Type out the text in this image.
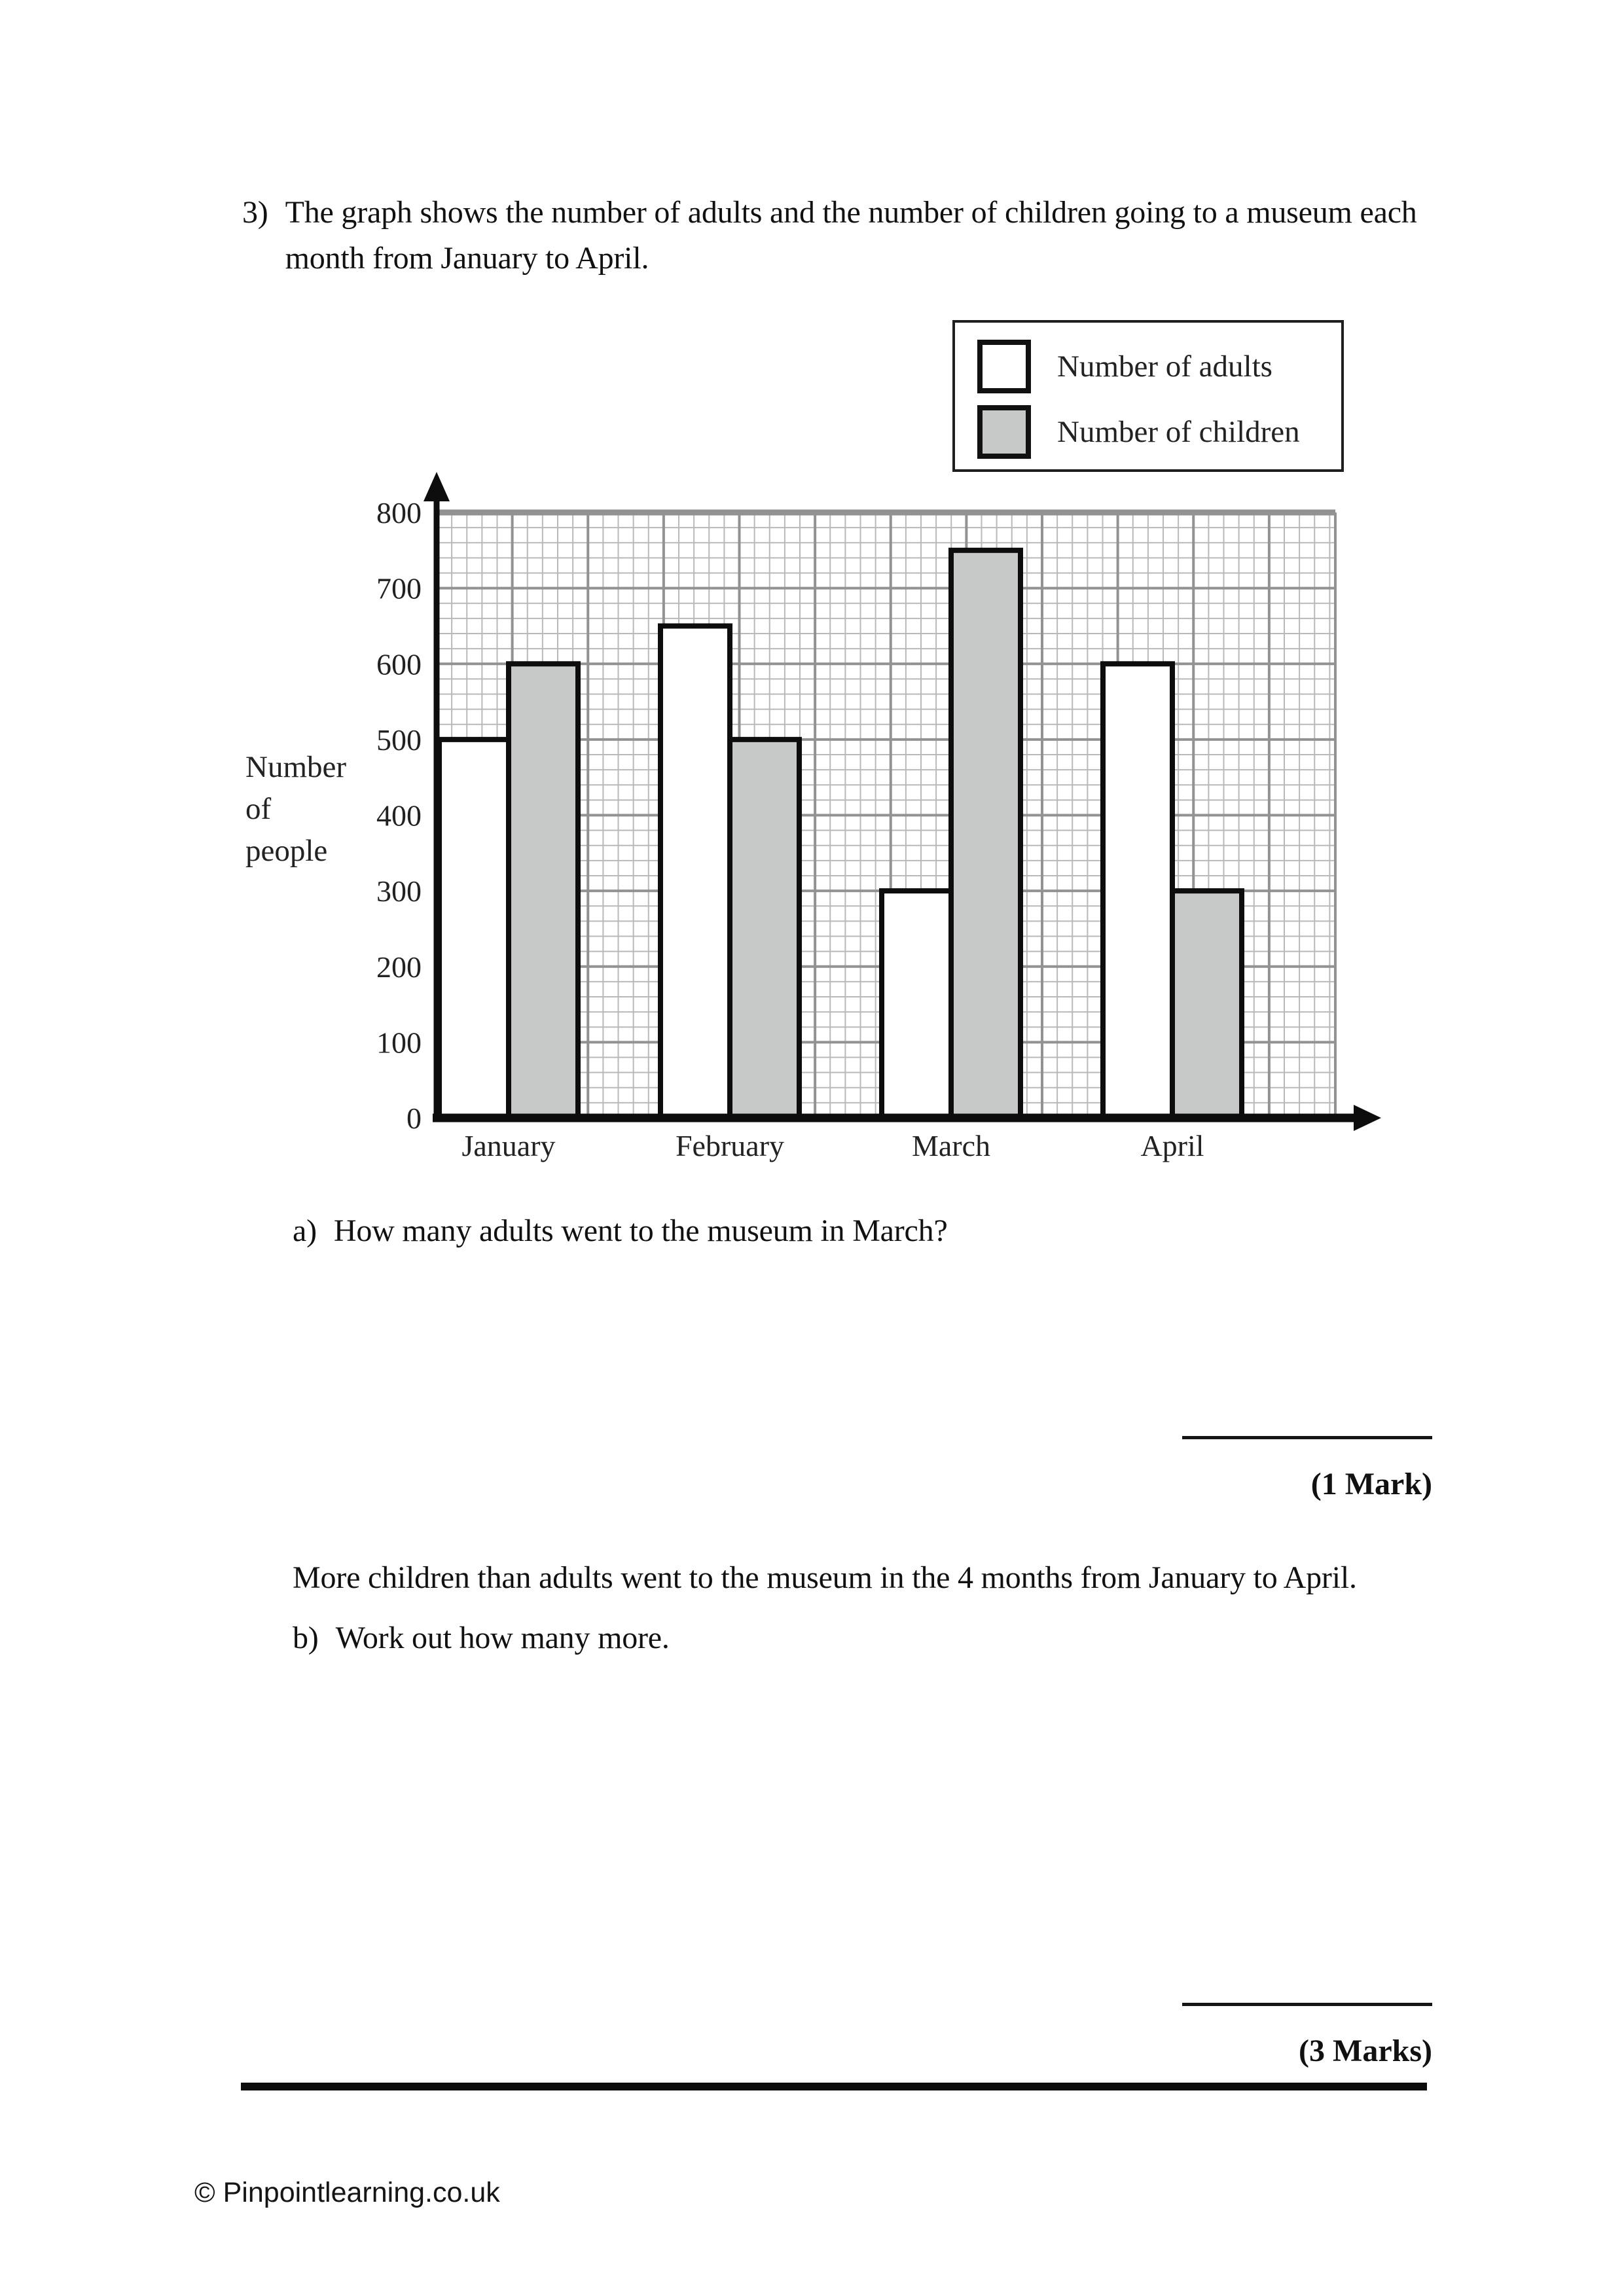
3) The graph shows the number of adults and the number of children going to a museum each month from January to April.

Number of adults
Number of children
Number of people
0
100
200
300
400
500
600
700
800
January	February	March	April
a) How many adults went to the museum in March?

(1 Mark)
More children than adults went to the museum in the 4 months from January to April.
b) Work out how many more.

(3 Marks)
© Pinpointlearning.co.uk
